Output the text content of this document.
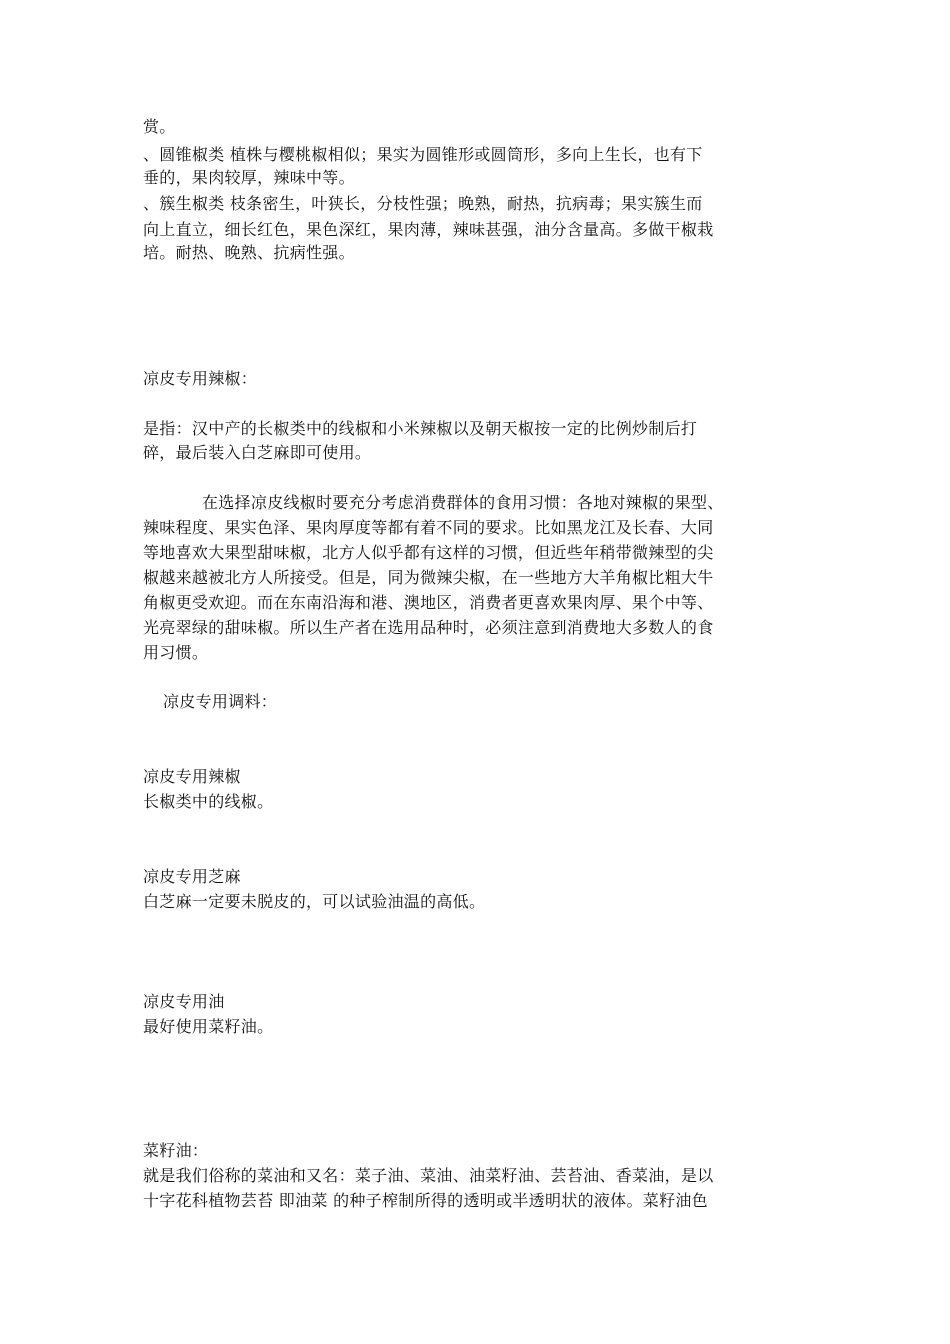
赏。
、圆锥椒类 植株与樱桃椒相似；果实为圆锥形或圆筒形，多向上生长，也有下
垂的，果肉较厚，辣味中等。
、簇生椒类 枝条密生，叶狭长，分枝性强；晚熟，耐热，抗病毒；果实簇生而
向上直立，细长红色，果色深红，果肉薄，辣味甚强，油分含量高。多做干椒栽
培。耐热、晚熟、抗病性强。
凉皮专用辣椒：
是指：汉中产的长椒类中的线椒和小米辣椒以及朝天椒按一定的比例炒制后打
碎，最后装入白芝麻即可使用。
在选择凉皮线椒时要充分考虑消费群体的食用习惯：各地对辣椒的果型、
辣味程度、果实色泽、果肉厚度等都有着不同的要求。比如黑龙江及长春、大同
等地喜欢大果型甜味椒，北方人似乎都有这样的习惯，但近些年稍带微辣型的尖
椒越来越被北方人所接受。但是，同为微辣尖椒，在一些地方大羊角椒比粗大牛
角椒更受欢迎。而在东南沿海和港、澳地区，消费者更喜欢果肉厚、果个中等、
光亮翠绿的甜味椒。所以生产者在选用品种时，必须注意到消费地大多数人的食
用习惯。
凉皮专用调料：
凉皮专用辣椒
长椒类中的线椒。
凉皮专用芝麻
白芝麻一定要未脱皮的，可以试验油温的高低。
凉皮专用油
最好使用菜籽油。
菜籽油：
就是我们俗称的菜油和又名：菜子油、菜油、油菜籽油、芸苔油、香菜油，是以
十字花科植物芸苔 即油菜 的种子榨制所得的透明或半透明状的液体。菜籽油色
